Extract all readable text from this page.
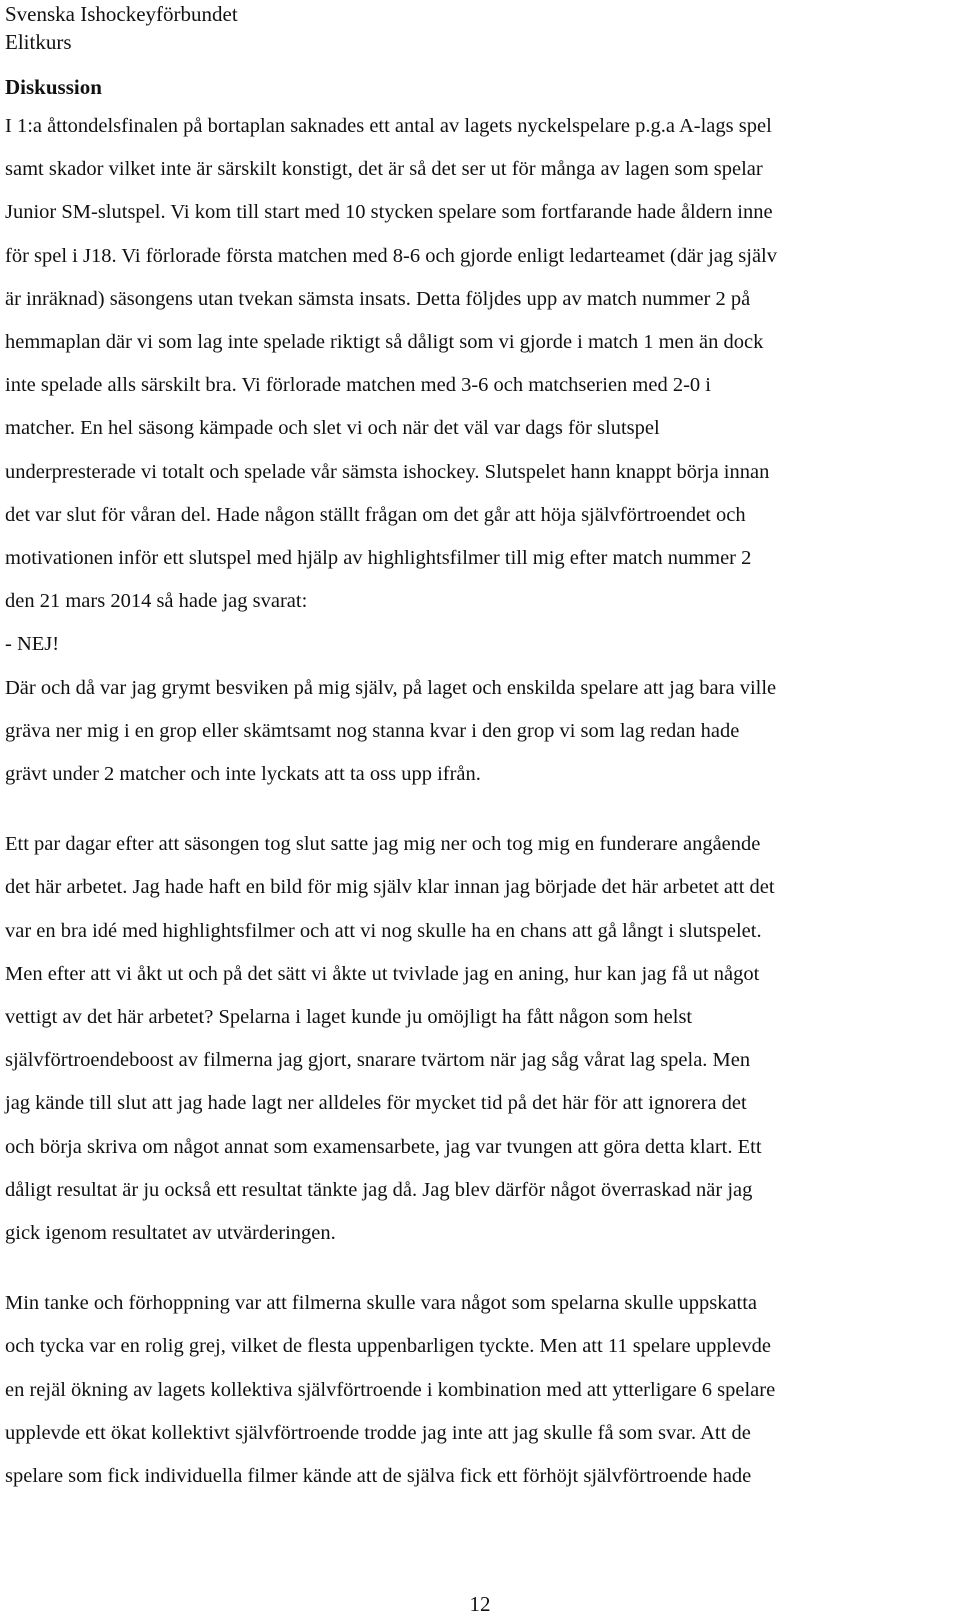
Svenska Ishockeyförbundet
Elitkurs
Diskussion

I 1:a åttondelsfinalen på bortaplan saknades ett antal av lagets nyckelspelare p.g.a A-lags spel
samt skador vilket inte är särskilt konstigt, det är så det ser ut för många av lagen som spelar
Junior SM-slutspel. Vi kom till start med 10 stycken spelare som fortfarande hade åldern inne
för spel i J18. Vi förlorade första matchen med 8-6 och gjorde enligt ledarteamet (där jag själv
är inräknad) säsongens utan tvekan sämsta insats. Detta följdes upp av match nummer 2 på
hemmaplan där vi som lag inte spelade riktigt så dåligt som vi gjorde i match 1 men än dock
inte spelade alls särskilt bra. Vi förlorade matchen med 3-6 och matchserien med 2-0 i
matcher. En hel säsong kämpade och slet vi och när det väl var dags för slutspel
underpresterade vi totalt och spelade vår sämsta ishockey. Slutspelet hann knappt börja innan
det var slut för våran del. Hade någon ställt frågan om det går att höja självförtroendet och
motivationen inför ett slutspel med hjälp av highlightsfilmer till mig efter match nummer 2
den 21 mars 2014 så hade jag svarat:
- NEJ!
Där och då var jag grymt besviken på mig själv, på laget och enskilda spelare att jag bara ville
gräva ner mig i en grop eller skämtsamt nog stanna kvar i den grop vi som lag redan hade
grävt under 2 matcher och inte lyckats att ta oss upp ifrån.

Ett par dagar efter att säsongen tog slut satte jag mig ner och tog mig en funderare angående
det här arbetet. Jag hade haft en bild för mig själv klar innan jag började det här arbetet att det
var en bra idé med highlightsfilmer och att vi nog skulle ha en chans att gå långt i slutspelet.
Men efter att vi åkt ut och på det sätt vi åkte ut tvivlade jag en aning, hur kan jag få ut något
vettigt av det här arbetet? Spelarna i laget kunde ju omöjligt ha fått någon som helst
självförtroendeboost av filmerna jag gjort, snarare tvärtom när jag såg vårat lag spela. Men
jag kände till slut att jag hade lagt ner alldeles för mycket tid på det här för att ignorera det
och börja skriva om något annat som examensarbete, jag var tvungen att göra detta klart. Ett
dåligt resultat är ju också ett resultat tänkte jag då. Jag blev därför något överraskad när jag
gick igenom resultatet av utvärderingen.

Min tanke och förhoppning var att filmerna skulle vara något som spelarna skulle uppskatta
och tycka var en rolig grej, vilket de flesta uppenbarligen tyckte. Men att 11 spelare upplevde
en rejäl ökning av lagets kollektiva självförtroende i kombination med att ytterligare 6 spelare
upplevde ett ökat kollektivt självförtroende trodde jag inte att jag skulle få som svar. Att de
spelare som fick individuella filmer kände att de själva fick ett förhöjt självförtroende hade

12
